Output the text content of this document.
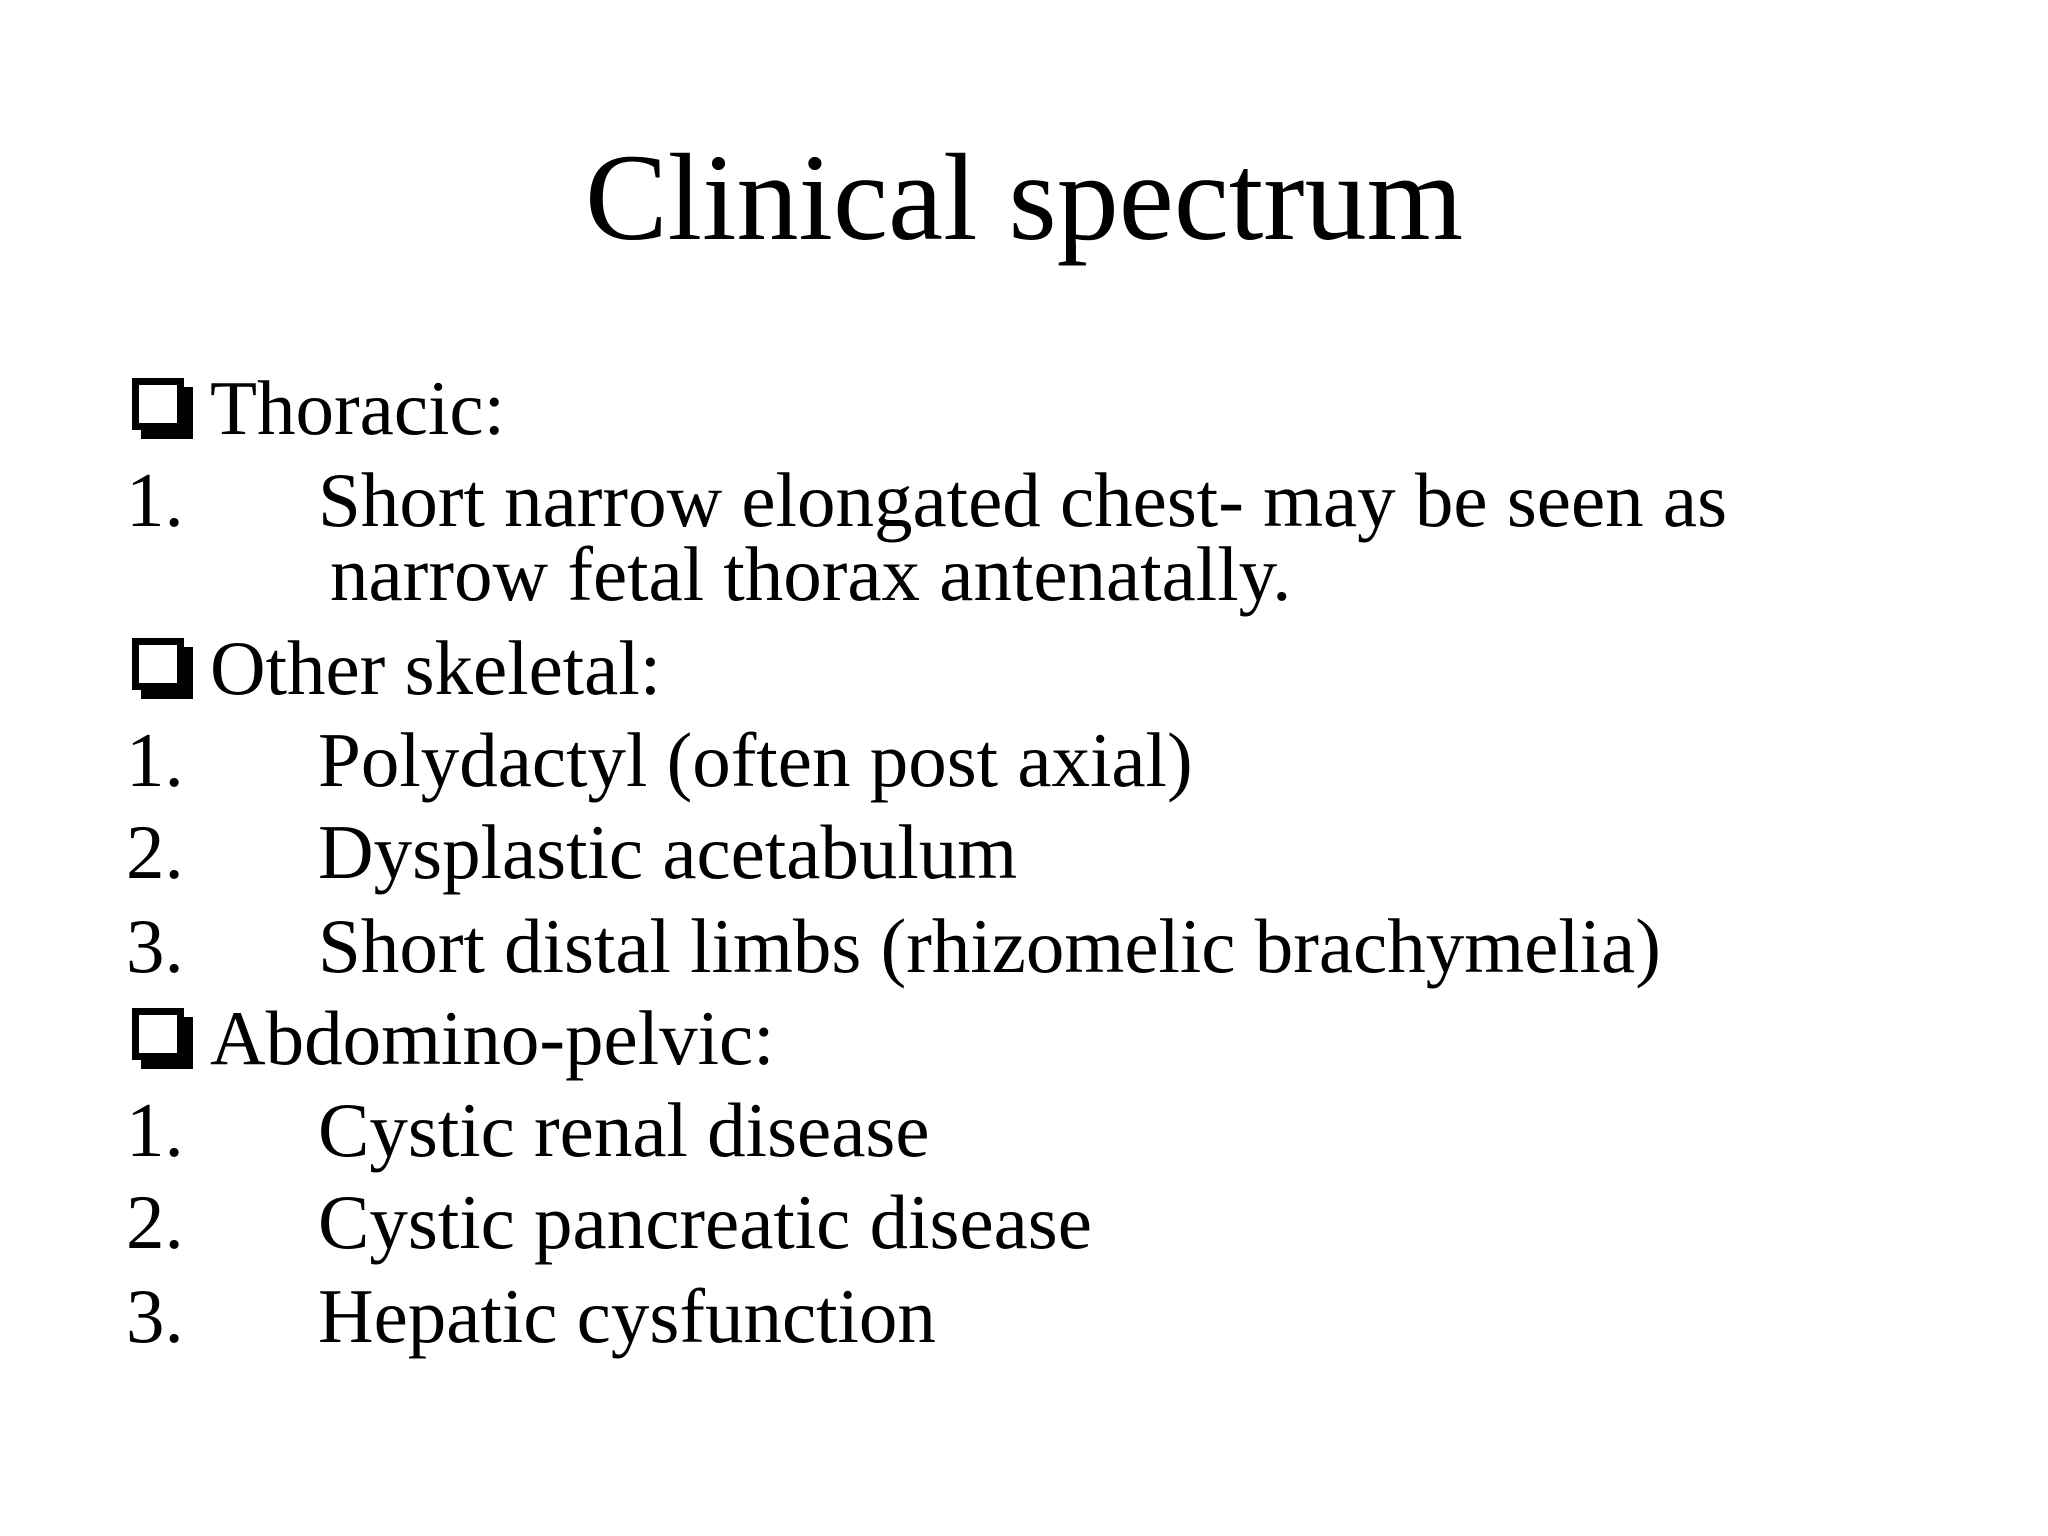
Clinical spectrum
Thoracic:
1. Short narrow elongated chest- may be seen as
narrow fetal thorax antenatally.
Other skeletal:
1. Polydactyl (often post axial)
2. Dysplastic acetabulum
3. Short distal limbs (rhizomelic brachymelia)
Abdomino-pelvic:
1. Cystic renal disease
2. Cystic pancreatic disease
3. Hepatic cysfunction
